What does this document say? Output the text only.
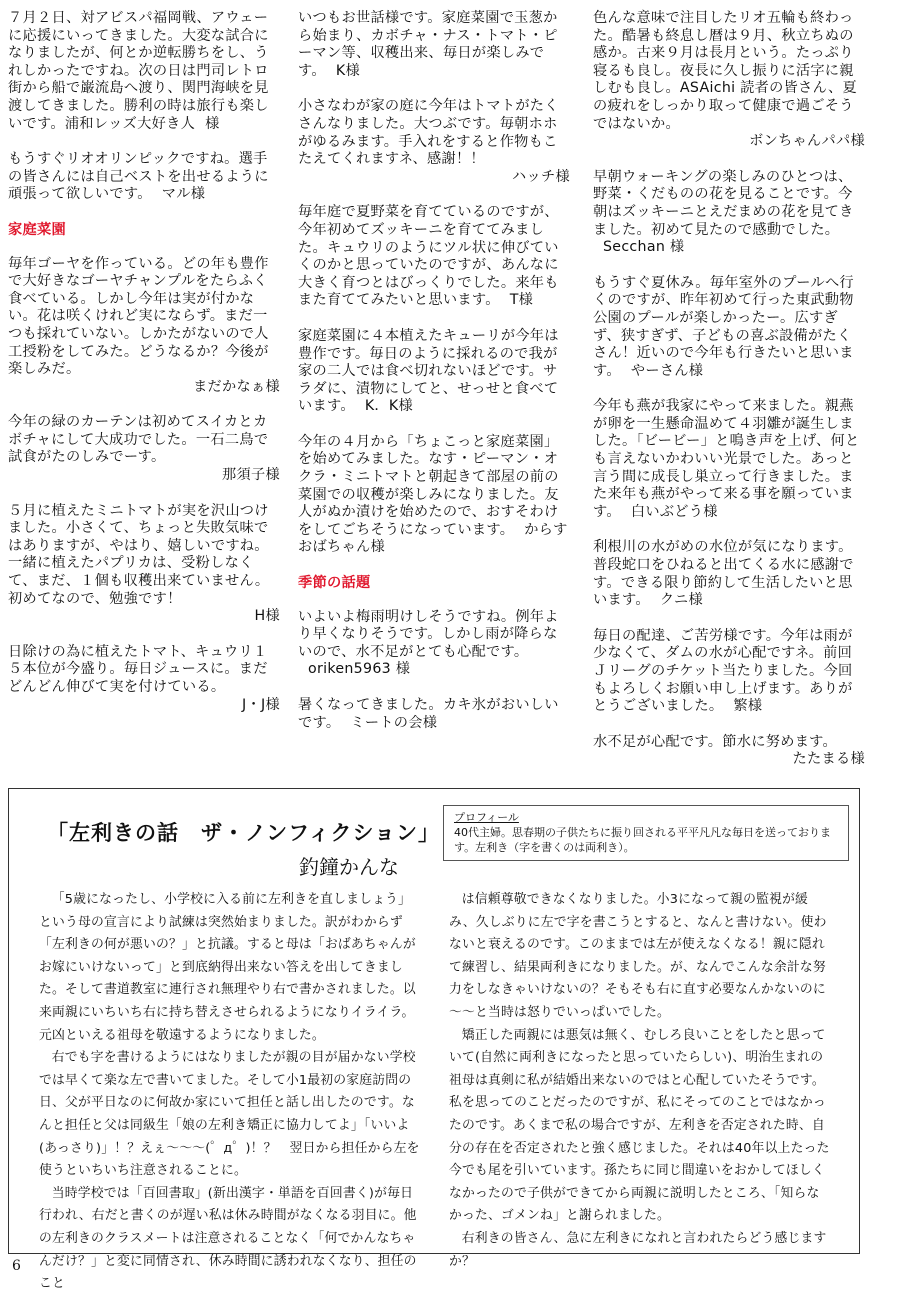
７月２日、対アビスパ福岡戦、アウェーに応援にいってきました。大変な試合になりましたが、何とか逆転勝ちをし、うれしかったですね。次の日は門司レトロ街から船で巌流島へ渡り、関門海峡を見渡してきました。勝利の時は旅行も楽しいです。浦和レッズ大好き人 様
もうすぐリオオリンピックですね。選手の皆さんには自己ベストを出せるように頑張って欲しいです。 マル様
家庭菜園
毎年ゴーヤを作っている。どの年も豊作で大好きなゴーヤチャンプルをたらふく食べている。しかし今年は実が付かない。花は咲くけれど実にならず。まだ一つも採れていない。しかたがないので人工授粉をしてみた。どうなるか？今後が楽しみだ。
まだかなぁ様
今年の緑のカーテンは初めてスイカとカボチャにして大成功でした。一石二鳥で試食がたのしみでーす。
那須子様
５月に植えたミニトマトが実を沢山つけました。小さくて、ちょっと失敗気味ではありますが、やはり、嬉しいですね。一緒に植えたパプリカは、受粉しなくて、まだ、１個も収穫出来ていません。初めてなので、勉強です！
H様
日除けの為に植えたトマト、キュウリ１５本位が今盛り。毎日ジュースに。まだどんどん伸びて実を付けている。
J・J様
いつもお世話様です。家庭菜園で玉葱から始まり、カボチャ・ナス・トマト・ピーマン等、収穫出来、毎日が楽しみです。 K様
小さなわが家の庭に今年はトマトがたくさんなりました。大つぶです。毎朝ホホがゆるみます。手入れをすると作物もこたえてくれますネ、感謝！！
ハッチ様
毎年庭で夏野菜を育てているのですが、今年初めてズッキーニを育ててみました。キュウリのようにツル状に伸びていくのかと思っていたのですが、あんなに大きく育つとはびっくりでした。来年もまた育ててみたいと思います。 T様
家庭菜園に４本植えたキューリが今年は豊作です。毎日のように採れるので我が家の二人では食べ切れないほどです。サラダに、漬物にしてと、せっせと食べています。 K．K様
今年の４月から「ちょこっと家庭菜園」を始めてみました。なす・ピーマン・オクラ・ミニトマトと朝起きて部屋の前の菜園での収穫が楽しみになりました。友人がぬか漬けを始めたので、おすそわけをしてごちそうになっています。 からすおばちゃん様
季節の話題
いよいよ梅雨明けしそうですね。例年より早くなりそうです。しかし雨が降らないので、水不足がとても心配です。oriken5963 様
暑くなってきました。カキ氷がおいしいです。 ミートの会様
色んな意味で注目したリオ五輪も終わった。酷暑も終息し暦は９月、秋立ちぬの感か。古来９月は長月という。たっぷり寝るも良し。夜長に久し振りに活字に親しむも良し。ASAichi 読者の皆さん、夏の疲れをしっかり取って健康で過ごそうではないか。
ボンちゃんパパ様
早朝ウォーキングの楽しみのひとつは、野菜・くだものの花を見ることです。今朝はズッキーニとえだまめの花を見てきました。初めて見たので感動でした。Secchan 様
もうすぐ夏休み。毎年室外のプールへ行くのですが、昨年初めて行った東武動物公園のプールが楽しかったー。広すぎず、狭すぎず、子どもの喜ぶ設備がたくさん！近いので今年も行きたいと思います。 やーさん様
今年も燕が我家にやって来ました。親燕が卵を一生懸命温めて４羽雛が誕生しました。「ビービー」と鳴き声を上げ、何とも言えないかわいい光景でした。あっと言う間に成長し巣立って行きました。また来年も燕がやって来る事を願っています。 白いぶどう様
利根川の水がめの水位が気になります。普段蛇口をひねると出てくる水に感謝です。できる限り節約して生活したいと思います。 クニ様
毎日の配達、ご苦労様です。今年は雨が少なくて、ダムの水が心配ですネ。前回Ｊリーグのチケット当たりました。今回もよろしくお願い申し上げます。ありがとうございました。 繁様
水不足が心配です。節水に努めます。
たたまる様
「左利きの話　ザ・ノンフィクション」
釣鐘かんな
プロフィール
40代主婦。思春期の子供たちに振り回される平平凡凡な毎日を送っております。左利き（字を書くのは両利き）。

「5歳になったし、小学校に入る前に左利きを直しましょう」という母の宣言により試練は突然始まりました。訳がわからず「左利きの何が悪いの？」と抗議。すると母は「おばあちゃんがお嫁にいけないって」と到底納得出来ない答えを出してきました。そして書道教室に連行され無理やり右で書かされました。以来両親にいちいち右に持ち替えさせられるようになりイライラ。元凶といえる祖母を敬遠するようになりました。

右でも字を書けるようにはなりましたが親の目が届かない学校では早くて楽な左で書いてました。そして小1最初の家庭訪問の日、父が平日なのに何故か家にいて担任と話し出したのです。なんと担任と父は同級生「娘の左利き矯正に協力してよ」「いいよ(あっさり)」！？えぇ～～～(゜д゜)！？　翌日から担任から左を使うといちいち注意されることに。

当時学校では「百回書取」(新出漢字・単語を百回書く)が毎日行われ、右だと書くのが遅い私は休み時間がなくなる羽目に。他の左利きのクラスメートは注意されることなく「何でかんなちゃんだけ？」と変に同情され、休み時間に誘われなくなり、担任のこと

は信頼尊敬できなくなりました。小3になって親の監視が緩み、久しぶりに左で字を書こうとすると、なんと書けない。使わないと衰えるのです。このままでは左が使えなくなる！親に隠れて練習し、結果両利きになりました。が、なんでこんな余計な努力をしなきゃいけないの？そもそも右に直す必要なんかないのに～～と当時は怒りでいっぱいでした。

矯正した両親には悪気は無く、むしろ良いことをしたと思っていて(自然に両利きになったと思っていたらしい)、明治生まれの祖母は真剣に私が結婚出来ないのではと心配していたそうです。私を思ってのことだったのですが、私にそってのことではなかったのです。あくまで私の場合ですが、左利きを否定された時、自分の存在を否定されたと強く感じました。それは40年以上たった今でも尾を引いています。孫たちに同じ間違いをおかしてほしくなかったので子供ができてから両親に説明したところ、「知らなかった、ゴメンね」と謝られました。

右利きの皆さん、急に左利きになれと言われたらどう感じますか？

6
